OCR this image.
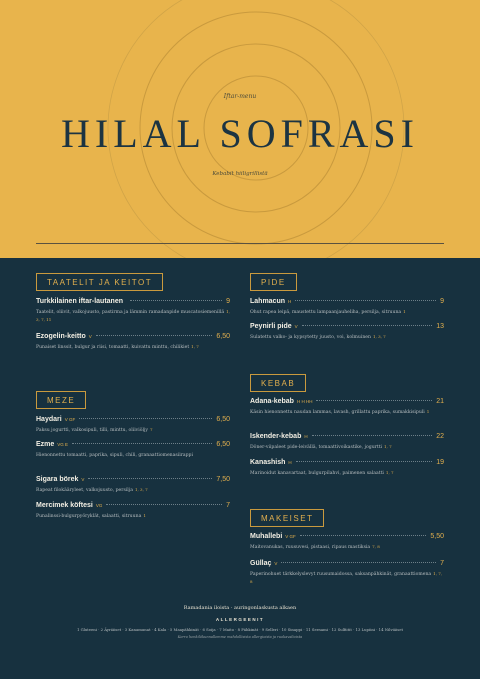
Iftar-menu
HILAL SOFRASI
Kebabit hiiligrillistä
TAATELIT JA KEITOT
Turkkilainen iftar-lautanen	9
Taatelit, oliivit, valkojuusto, pastirma ja lämmin ramadanpide muscatosiemenillä 1, 3, 7, 11
Ezogelin-keitto V	6,50
Punaiset linssit, bulgur ja riisi, tomaatti, kuivattu minttu, chilikiet 1, 7
MEZE
Haydari V GF	6,50
Paksu jogurtti, valkosipuli, tilli, minttu, oliiviöljy 7
Ezme VG E	6,50
Hienonnettu tomaatti, paprika, sipuli, chili, granaattiomenasiirappi
Sigara börek V	7,50
Rapeat filokääryleet, valkojuusto, persilja 1, 3, 7
Mercimek köftesi VG	7
Punalinssi-bulgurpyöryklät, salaatti, sitruuna 1
PIDE
Lahmacun H	9
Ohut rapea leipä, maustettu lampaanjauheliha, persilja, sitruuna 1
Peynirli pide V	13
Sulatettu valko- ja kypsytetty juusto, voi, kolmuinen 1, 3, 7
KEBAB
Adana-kebab H H HH	21
Käsin hienonnettu naudan lammas, lavash, grillattu paprika, sumakkisipuli 1
Iskender-kebab H	22
Döner-viipaleet pide-leivällä, tomaattivoikastike, jogurtti 1, 7
Kanashish H	19
Marinoidut kanavartaat, bulgurpilahvi, paimenen salaatti 1, 7
MAKEISET
Muhallebi V GF	5,50
Maitovanukas, ruusuvesi, pistaasi, ripaus mastiksia 7, 8
Güllaç V	7
Paperinohuet tärkkelyslevyt ruusumaidossa, saksanpähkinät, granaattiomena 1, 7, 8
Ramadania iloista · auringonlaskusta alkaen
ALLERGEENIT
1 Gluteeni · 2 Äyriäiset · 3 Kanamunat · 4 Kala · 5 Maapähkinät · 6 Soija · 7 Maito · 8 Pähkinät · 9 Selleri · 10 Sinappi · 11 Seesami · 12 Sulfiitit · 13 Lupiini · 14 Nilviäiset
Kerro henkilökunnallemme mahdollisista allergioista ja ruokavalioista
